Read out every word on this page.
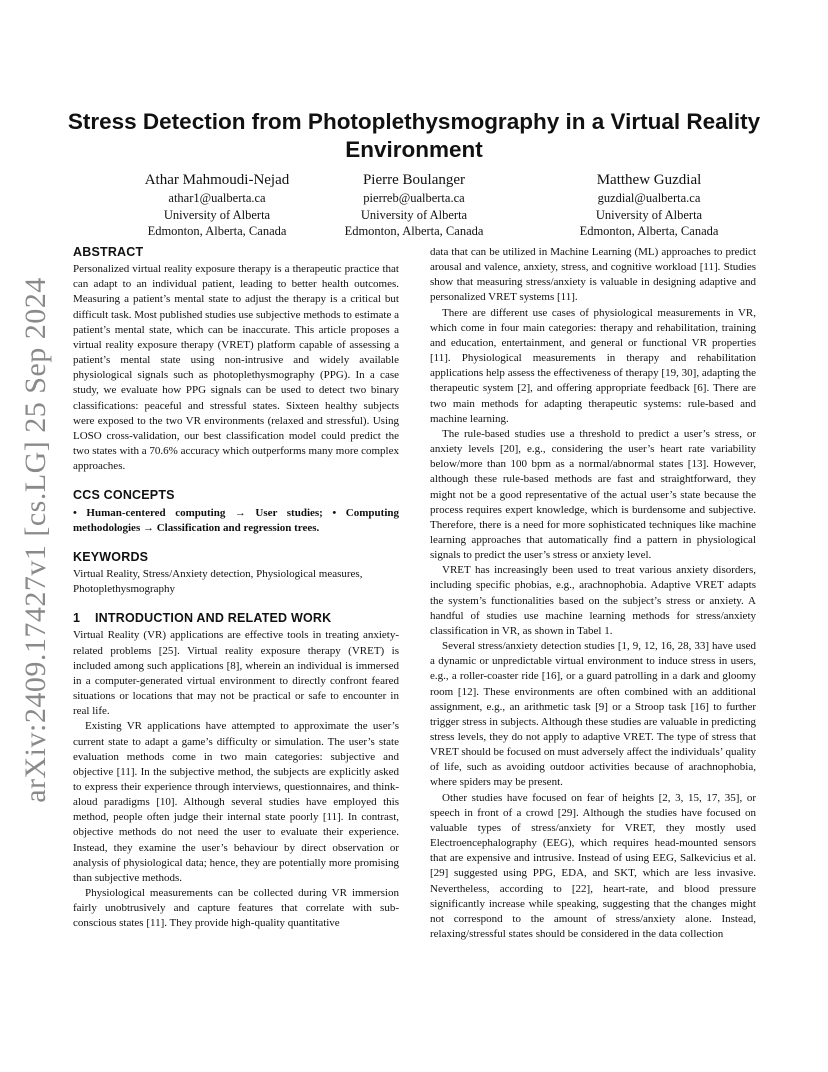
arXiv:2409.17427v1 [cs.LG] 25 Sep 2024
Stress Detection from Photoplethysmography in a Virtual Reality Environment
Athar Mahmoudi-Nejad
athar1@ualberta.ca
University of Alberta
Edmonton, Alberta, Canada
Pierre Boulanger
pierreb@ualberta.ca
University of Alberta
Edmonton, Alberta, Canada
Matthew Guzdial
guzdial@ualberta.ca
University of Alberta
Edmonton, Alberta, Canada
ABSTRACT

Personalized virtual reality exposure therapy is a therapeutic practice that can adapt to an individual patient, leading to better health outcomes. Measuring a patient’s mental state to adjust the therapy is a critical but difficult task. Most published studies use subjective methods to estimate a patient’s mental state, which can be inaccurate. This article proposes a virtual reality exposure therapy (VRET) platform capable of assessing a patient’s mental state using non-intrusive and widely available physiological signals such as photoplethysmography (PPG). In a case study, we evaluate how PPG signals can be used to detect two binary classifications: peaceful and stressful states. Sixteen healthy subjects were exposed to the two VR environments (relaxed and stressful). Using LOSO cross-validation, our best classification model could predict the two states with a 70.6% accuracy which outperforms many more complex approaches.

CCS CONCEPTS

• Human-centered computing → User studies; • Computing methodologies → Classification and regression trees.

KEYWORDS

Virtual Reality, Stress/Anxiety detection, Physiological measures, Photoplethysmography

1 INTRODUCTION AND RELATED WORK

Virtual Reality (VR) applications are effective tools in treating anxiety-related problems [25]. Virtual reality exposure therapy (VRET) is included among such applications [8], wherein an individual is immersed in a computer-generated virtual environment to directly confront feared situations or locations that may not be practical or safe to encounter in real life.

Existing VR applications have attempted to approximate the user’s current state to adapt a game’s difficulty or simulation. The user’s state evaluation methods come in two main categories: subjective and objective [11]. In the subjective method, the subjects are explicitly asked to express their experience through interviews, questionnaires, and think-aloud paradigms [10]. Although several studies have employed this method, people often judge their internal state poorly [11]. In contrast, objective methods do not need the user to evaluate their experience. Instead, they examine the user’s behaviour by direct observation or analysis of physiological data; hence, they are potentially more promising than subjective methods.

Physiological measurements can be collected during VR immersion fairly unobtrusively and capture features that correlate with sub-conscious states [11]. They provide high-quality quantitative

data that can be utilized in Machine Learning (ML) approaches to predict arousal and valence, anxiety, stress, and cognitive workload [11]. Studies show that measuring stress/anxiety is valuable in designing adaptive and personalized VRET systems [11].

There are different use cases of physiological measurements in VR, which come in four main categories: therapy and rehabilitation, training and education, entertainment, and general or functional VR properties [11]. Physiological measurements in therapy and rehabilitation applications help assess the effectiveness of therapy [19, 30], adapting the therapeutic system [2], and offering appropriate feedback [6]. There are two main methods for adapting therapeutic systems: rule-based and machine learning.

The rule-based studies use a threshold to predict a user’s stress, or anxiety levels [20], e.g., considering the user’s heart rate variability below/more than 100 bpm as a normal/abnormal states [13]. However, although these rule-based methods are fast and straightforward, they might not be a good representative of the actual user’s state because the process requires expert knowledge, which is burdensome and subjective. Therefore, there is a need for more sophisticated techniques like machine learning approaches that automatically find a pattern in physiological signals to predict the user’s stress or anxiety level.

VRET has increasingly been used to treat various anxiety disorders, including specific phobias, e.g., arachnophobia. Adaptive VRET adapts the system’s functionalities based on the subject’s stress or anxiety. A handful of studies use machine learning methods for stress/anxiety classification in VR, as shown in Tabel 1.

Several stress/anxiety detection studies [1, 9, 12, 16, 28, 33] have used a dynamic or unpredictable virtual environment to induce stress in users, e.g., a roller-coaster ride [16], or a guard patrolling in a dark and gloomy room [12]. These environments are often combined with an additional assignment, e.g., an arithmetic task [9] or a Stroop task [16] to further trigger stress in subjects. Although these studies are valuable in predicting stress levels, they do not apply to adaptive VRET. The type of stress that VRET should be focused on must adversely affect the individuals’ quality of life, such as avoiding outdoor activities because of arachnophobia, where spiders may be present.

Other studies have focused on fear of heights [2, 3, 15, 17, 35], or speech in front of a crowd [29]. Although the studies have focused on valuable types of stress/anxiety for VRET, they mostly used Electroencephalography (EEG), which requires head-mounted sensors that are expensive and intrusive. Instead of using EEG, Salkevicius et al. [29] suggested using PPG, EDA, and SKT, which are less invasive. Nevertheless, according to [22], heart-rate, and blood pressure significantly increase while speaking, suggesting that the changes might not correspond to the amount of stress/anxiety alone. Instead, relaxing/stressful states should be considered in the data collection
